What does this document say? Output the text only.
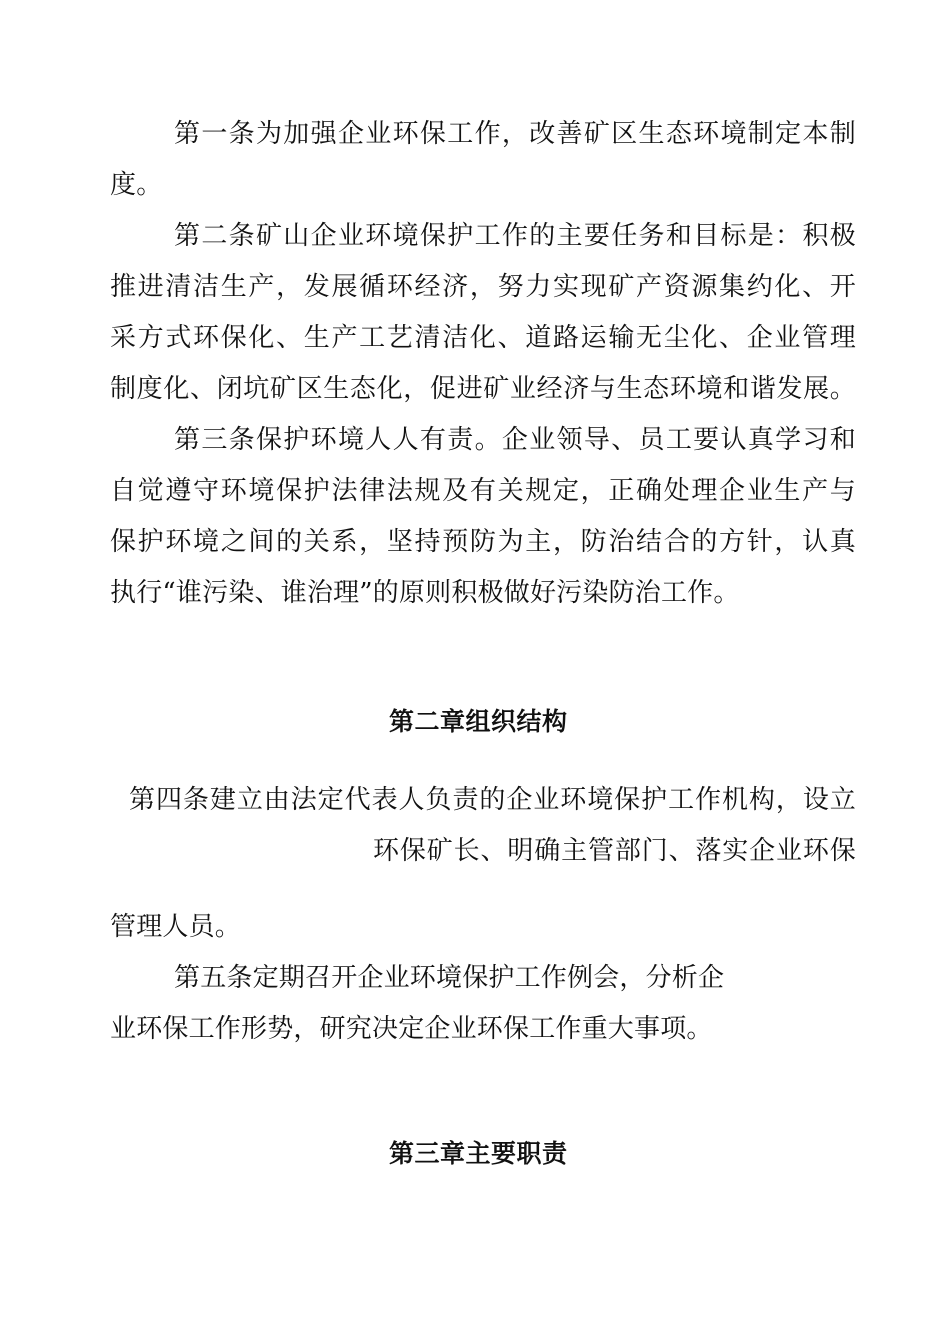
第一条为加强企业环保工作，改善矿区生态环境制定本制
度。
第二条矿山企业环境保护工作的主要任务和目标是：积极
推进清洁生产，发展循环经济，努力实现矿产资源集约化、开
采方式环保化、生产工艺清洁化、道路运输无尘化、企业管理
制度化、闭坑矿区生态化，促进矿业经济与生态环境和谐发展。
第三条保护环境人人有责。企业领导、员工要认真学习和
自觉遵守环境保护法律法规及有关规定，正确处理企业生产与
保护环境之间的关系，坚持预防为主，防治结合的方针，认真
执行“谁污染、谁治理”的原则积极做好污染防治工作。
第二章组织结构
第四条建立由法定代表人负责的企业环境保护工作机构，设立
环保矿长、明确主管部门、落实企业环保
管理人员。
第五条定期召开企业环境保护工作例会，分析企
业环保工作形势，研究决定企业环保工作重大事项。
第三章主要职责
